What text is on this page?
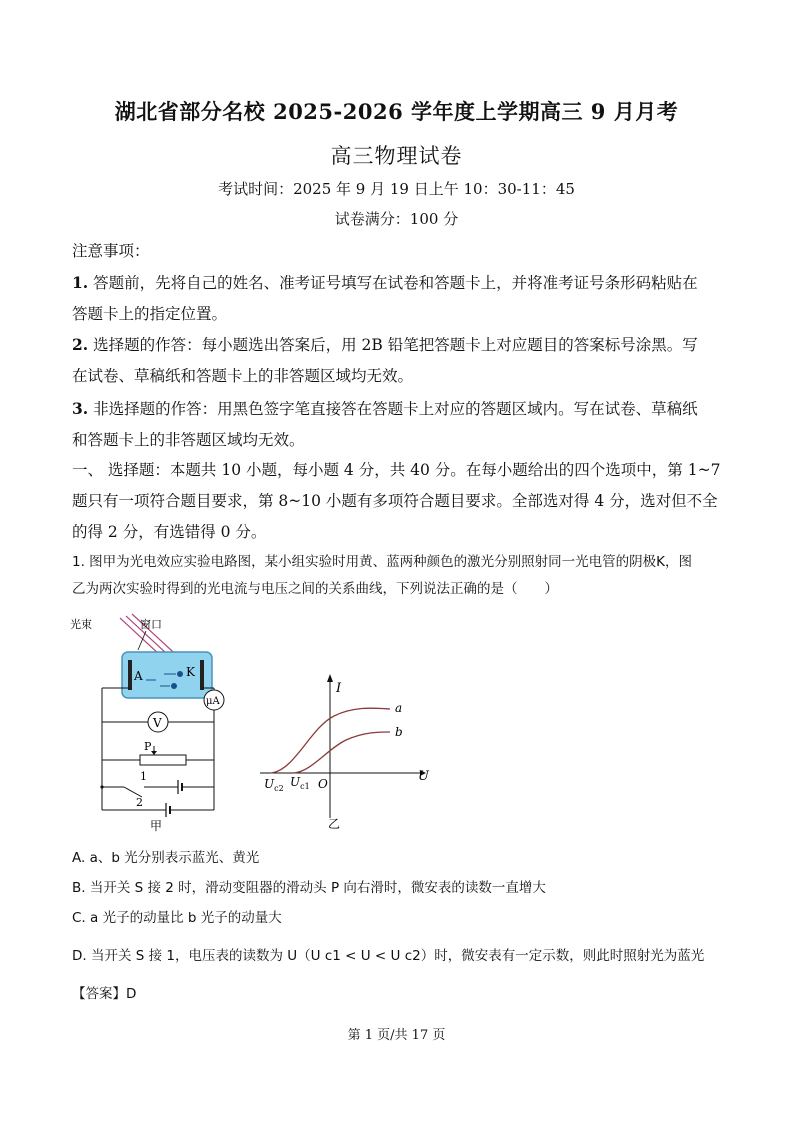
湖北省部分名校 2025-2026 学年度上学期高三 9 月月考
高三物理试卷
考试时间：2025 年 9 月 19 日上午 10：30-11：45
试卷满分：100 分
注意事项：

1. 答题前，先将自己的姓名、准考证号填写在试卷和答题卡上，并将准考证号条形码粘贴在

答题卡上的指定位置。

2. 选择题的作答：每小题选出答案后，用 2B 铅笔把答题卡上对应题目的答案标号涂黑。写

在试卷、草稿纸和答题卡上的非答题区域均无效。

3. 非选择题的作答：用黑色签字笔直接答在答题卡上对应的答题区域内。写在试卷、草稿纸

和答题卡上的非答题区域均无效。

一、 选择题：本题共 10 小题，每小题 4 分，共 40 分。在每小题给出的四个选项中，第 1~7

题只有一项符合题目要求，第 8~10 小题有多项符合题目要求。全部选对得 4 分，选对但不全

的得 2 分，有选错得 0 分。

1. 图甲为光电效应实验电路图，某小组实验时用黄、蓝两种颜色的激光分别照射同一光电管的阴极K，图

乙为两次实验时得到的光电流与电压之间的关系曲线，下列说法正确的是（　　）

光束	窗口
A	K
μA
V
P
1
2
甲
I
U
O
$U_{c2}$ $U_{c1}$
a
b
乙
A. a、b 光分别表示蓝光、黄光
B. 当开关 S 接 2 时，滑动变阻器的滑动头 P 向右滑时，微安表的读数一直增大
C. a 光子的动量比 b 光子的动量大
D. 当开关 S 接 1，电压表的读数为 U（U c1 < U < U c2）时，微安表有一定示数，则此时照射光为蓝光
【答案】D
第 1 页/共 17 页
